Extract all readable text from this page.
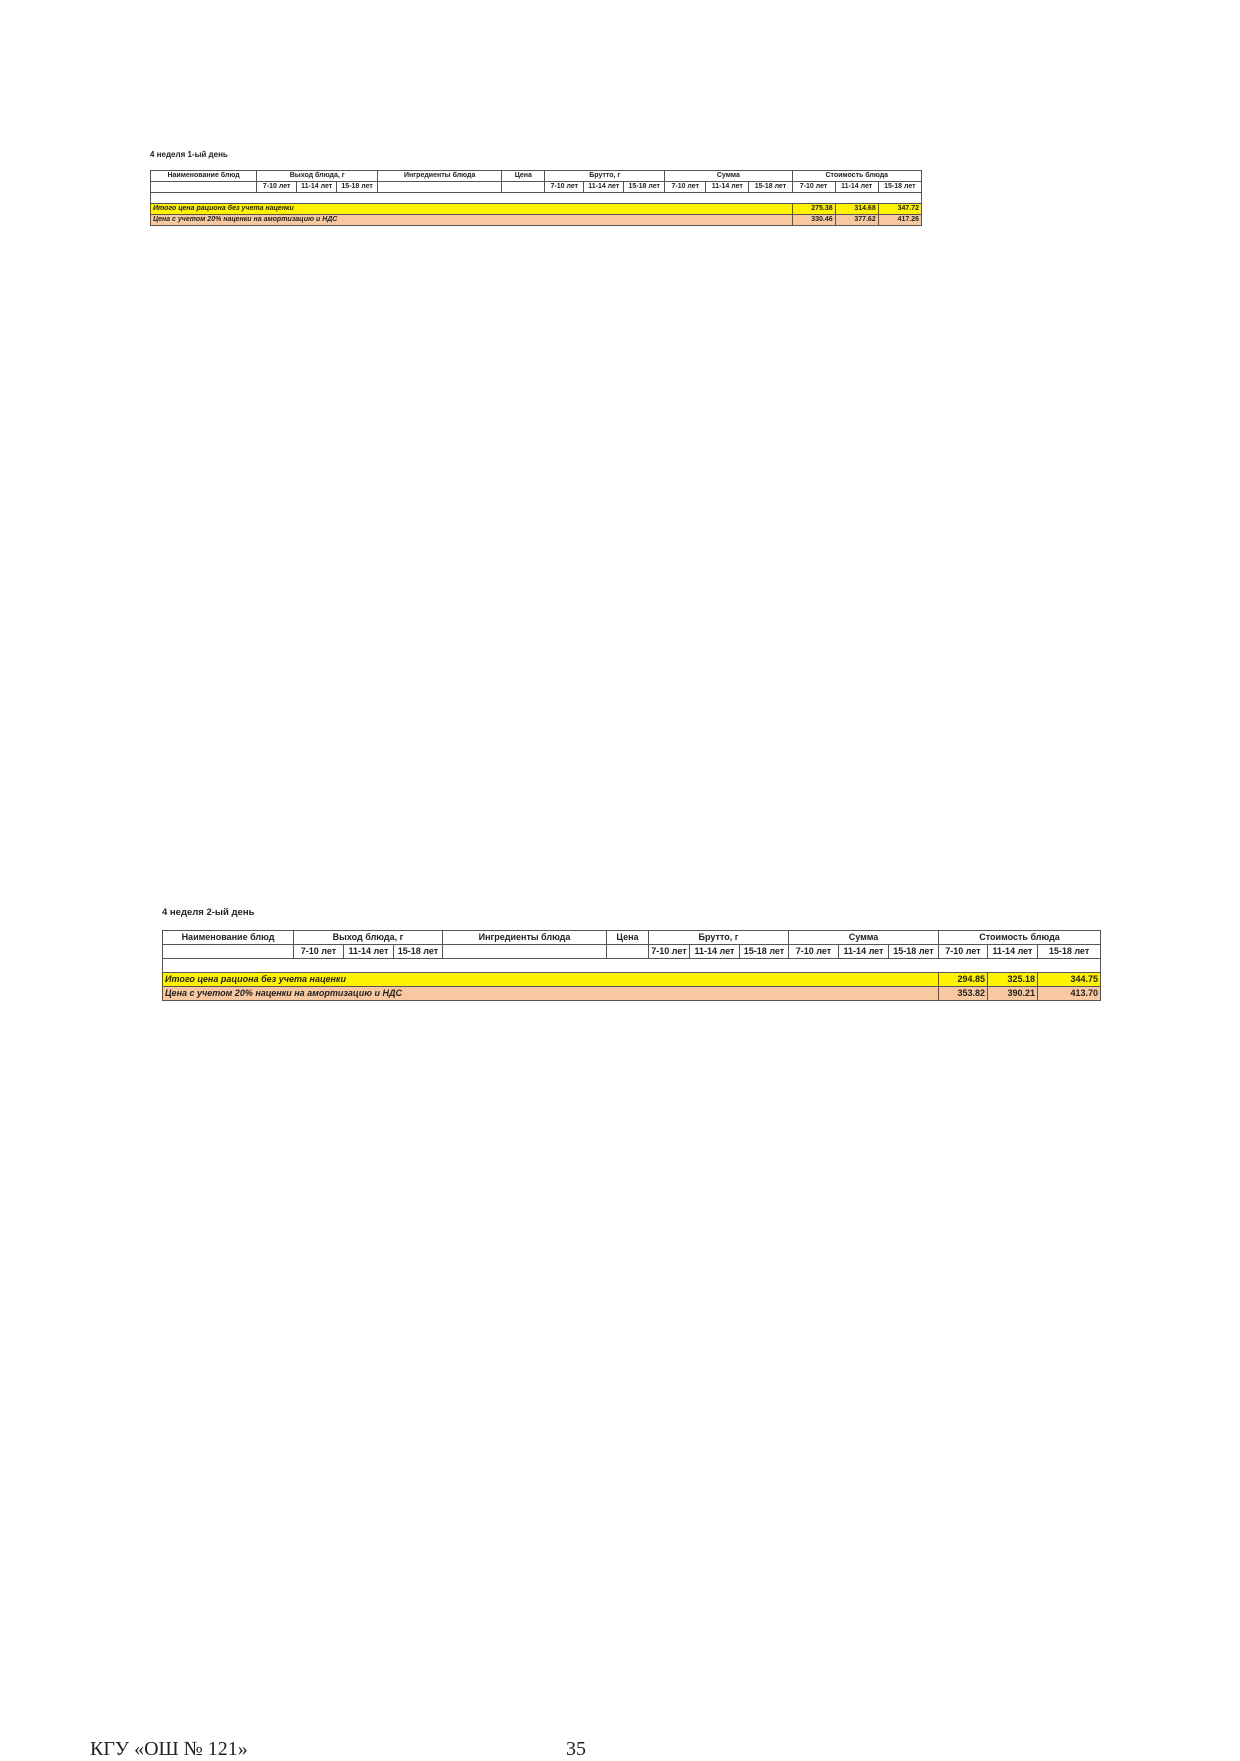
4 неделя 1-ый день
Наименование блюд	Выход блюда, г			Ингредиенты блюда	Цена	Брутто, г			Сумма			Стоимость блюда		
	7-10 лет	11-14 лет	15-18 лет			7-10 лет	11-14 лет	15-18 лет	7-10 лет	11-14 лет	15-18 лет	7-10 лет	11-14 лет	15-18 лет

Итого цена рациона без учета наценки												275.38	314.68	347.72
Цена с учетом 20% наценки на амортизацию и НДС												330.46	377.62	417.26
4 неделя 2-ый день
Наименование блюд	Выход блюда, г			Ингредиенты блюда	Цена	Брутто, г			Сумма			Стоимость блюда		
	7-10 лет	11-14 лет	15-18 лет			7-10 лет	11-14 лет	15-18 лет	7-10 лет	11-14 лет	15-18 лет	7-10 лет	11-14 лет	15-18 лет

Итого цена рациона без учета наценки												294.85	325.18	344.75
Цена с учетом 20% наценки на амортизацию и НДС												353.82	390.21	413.70
КГУ «ОШ № 121»	35
